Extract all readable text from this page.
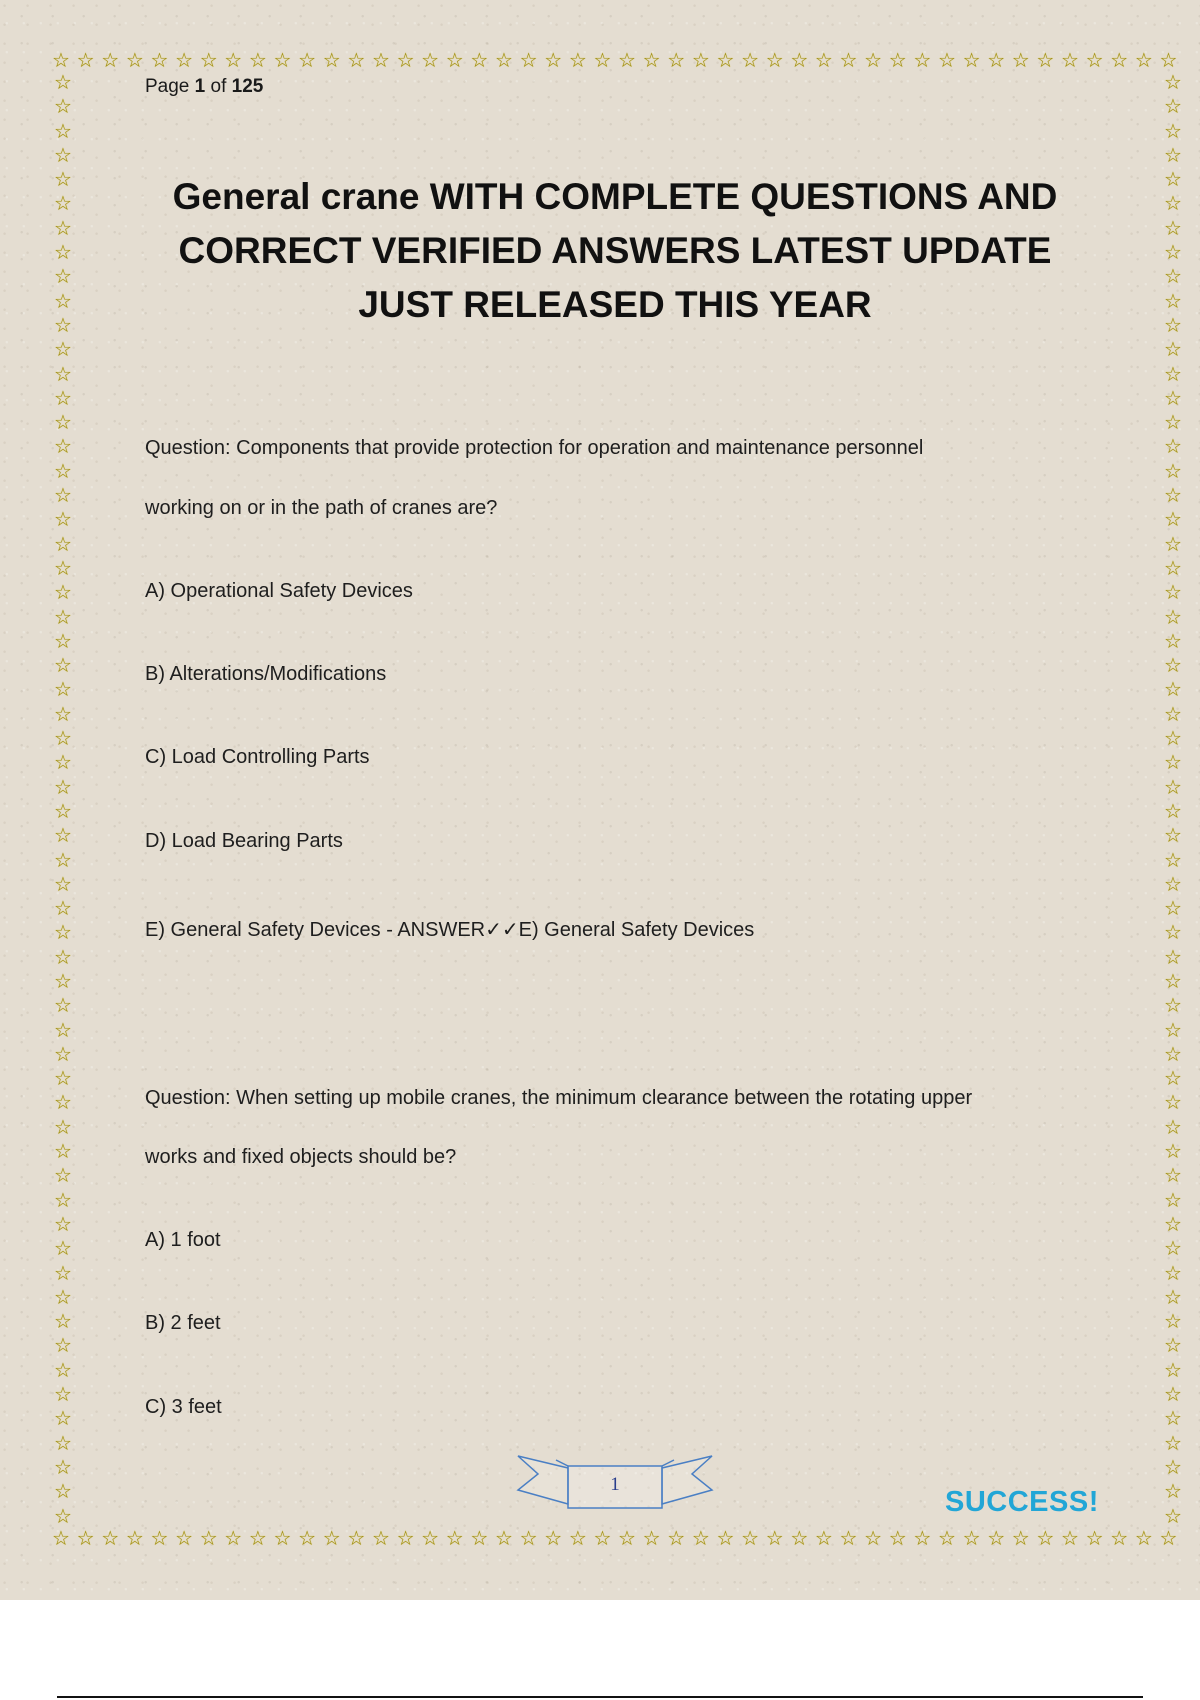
☆ ☆ ☆ ☆ ☆ ☆ ☆ ☆ ☆ ☆ ☆ ☆ ☆ ☆ ☆ ☆ ☆ ☆ ☆ ☆ ☆ ☆ ☆ ☆ ☆ ☆ ☆ ☆ ☆ ☆ ☆ ☆ ☆ ☆ ☆ ☆ ☆ ☆ ☆ ☆ ☆ ☆ ☆ ☆ ☆ ☆
☆ ☆ ☆ ☆ ☆ ☆ ☆ ☆ ☆ ☆ ☆ ☆ ☆ ☆ ☆ ☆ ☆ ☆ ☆ ☆ ☆ ☆ ☆ ☆ ☆ ☆ ☆ ☆ ☆ ☆ ☆ ☆ ☆ ☆ ☆ ☆ ☆ ☆ ☆ ☆ ☆ ☆ ☆ ☆ ☆ ☆
☆
☆
☆
☆
☆
☆
☆
☆
☆
☆
☆
☆
☆
☆
☆
☆
☆
☆
☆
☆
☆
☆
☆
☆
☆
☆
☆
☆
☆
☆
☆
☆
☆
☆
☆
☆
☆
☆
☆
☆
☆
☆
☆
☆
☆
☆
☆
☆
☆
☆
☆
☆
☆
☆
☆
☆
☆
☆
☆
☆
☆
☆
☆
☆
☆
☆
☆
☆
☆
☆
☆
☆
☆
☆
☆
☆
☆
☆
☆
☆
☆
☆
☆
☆
☆
☆
☆
☆
☆
☆
☆
☆
☆
☆
☆
☆
☆
☆
☆
☆
☆
☆
☆
☆
☆
☆
☆
☆
☆
☆
☆
☆
☆
☆
☆
☆
☆
☆
☆
☆
Page 1 of 125
General crane WITH COMPLETE QUESTIONS AND CORRECT VERIFIED ANSWERS LATEST UPDATE JUST RELEASED THIS YEAR
Question: Components that provide protection for operation and maintenance personnel
working on or in the path of cranes are?
A) Operational Safety Devices
B) Alterations/Modifications
C) Load Controlling Parts
D) Load Bearing Parts
E) General Safety Devices - ANSWER✓✓E) General Safety Devices
Question: When setting up mobile cranes, the minimum clearance between the rotating upper
works and fixed objects should be?
A) 1 foot
B) 2 feet
C) 3 feet
1
SUCCESS!
